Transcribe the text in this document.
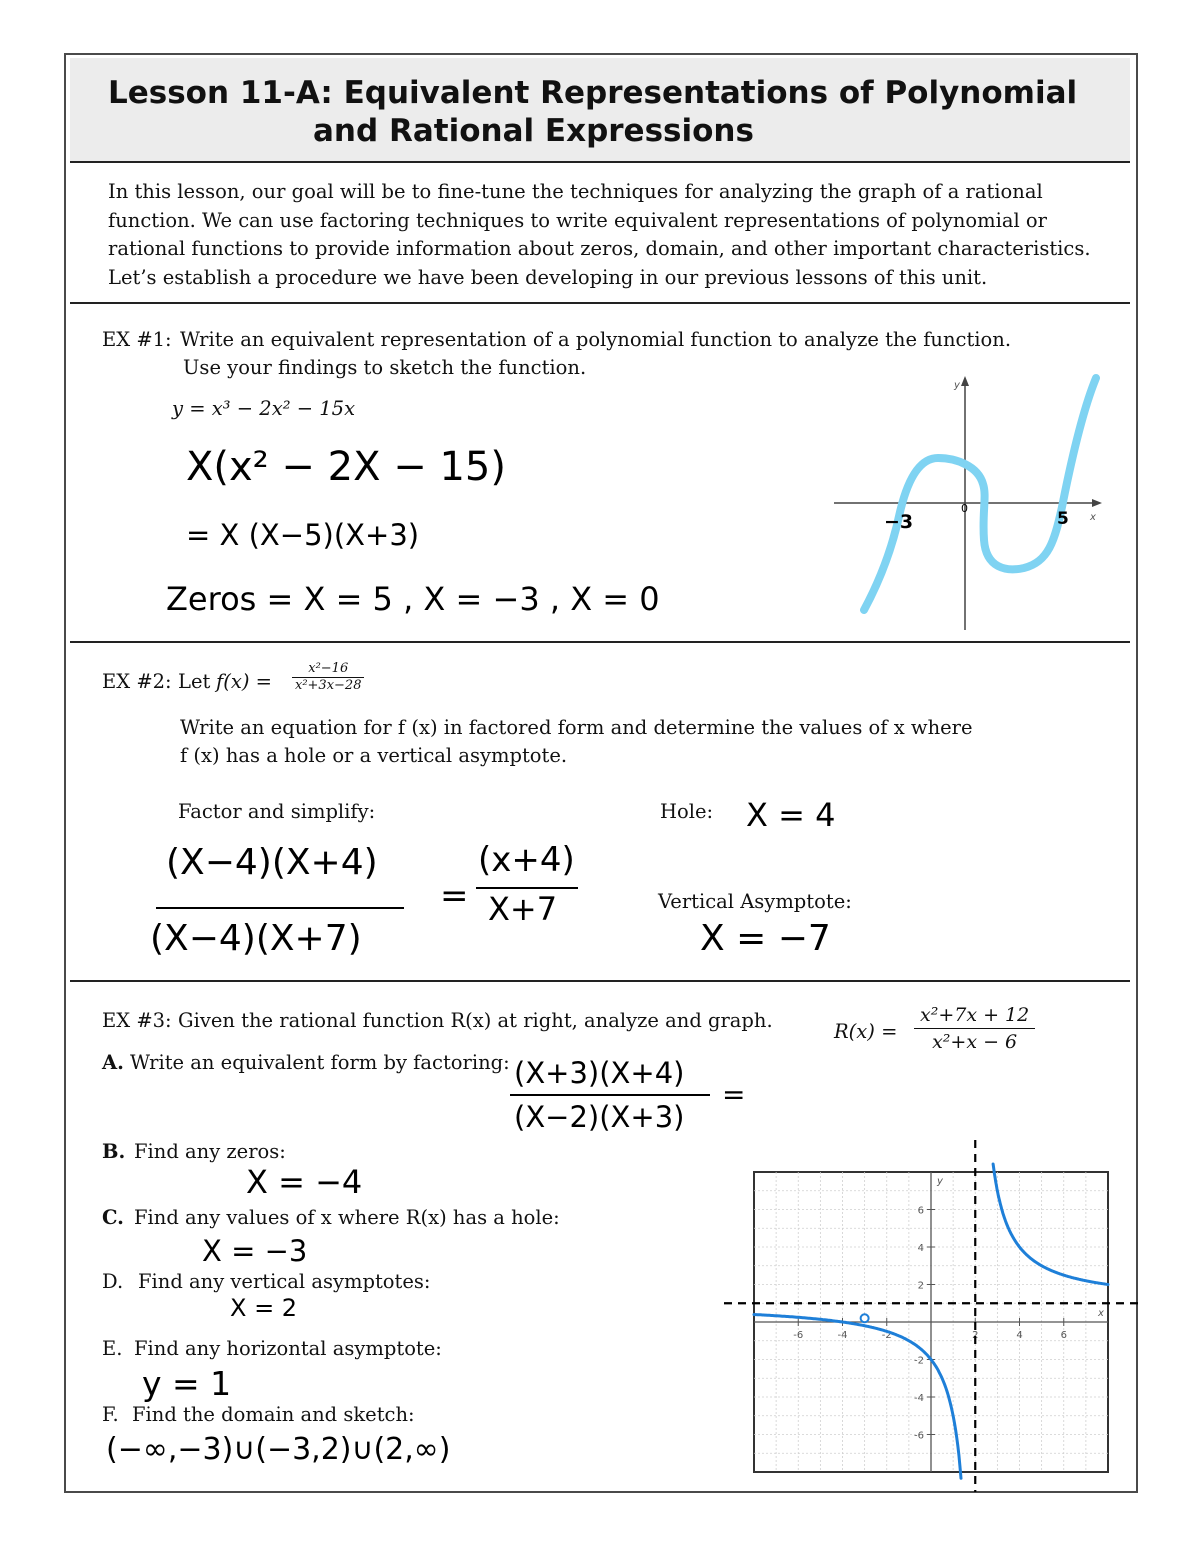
Lesson 11-A: Equivalent Representations of Polynomial
and Rational Expressions
In this lesson, our goal will be to fine-tune the techniques for analyzing the graph of a rational
function. We can use factoring techniques to write equivalent representations of polynomial or
rational functions to provide information about zeros, domain, and other important characteristics.
Let’s establish a procedure we have been developing in our previous lessons of this unit.
EX #1: Write an equivalent representation of a polynomial function to analyze the function.
Use your findings to sketch the function.
y = x³ − 2x² − 15x
X(x² − 2X − 15)
= X (X−5)(X+3)
Zeros = X = 5 , X = −3 , X = 0
y
x
−3
0
5
EX #2: Let $f(x) = \frac{\text{x²−16}}{\text{x²+3x−28}}$
Write an equation for f (x) in factored form and determine the values of x where
f (x) has a hole or a vertical asymptote.
Factor and simplify:	Hole: X = 4
(X−4)(X+4)
(X−4)(X+7)
=
(x+4)
X+7	Vertical Asymptote:
X = −7
EX #3: Given the rational function R(x) at right, analyze and graph.	$R(x) = \frac{\text{x²+7x + 12}}{\text{x²+x − 6}}$
A. Write an equivalent form by factoring: (X+3)(X+4)
(X−2)(X+3)
=
B. Find any zeros:
X = −4
C. Find any values of x where R(x) has a hole:
X = −3
D. Find any vertical asymptotes:
X = 2
E. Find any horizontal asymptote:
y = 1
F. Find the domain and sketch:
(−∞,−3)∪(−3,2)∪(2,∞)
-6	-4	-2	2	4	6
6
4
2
-2
-4
-6
x
y
